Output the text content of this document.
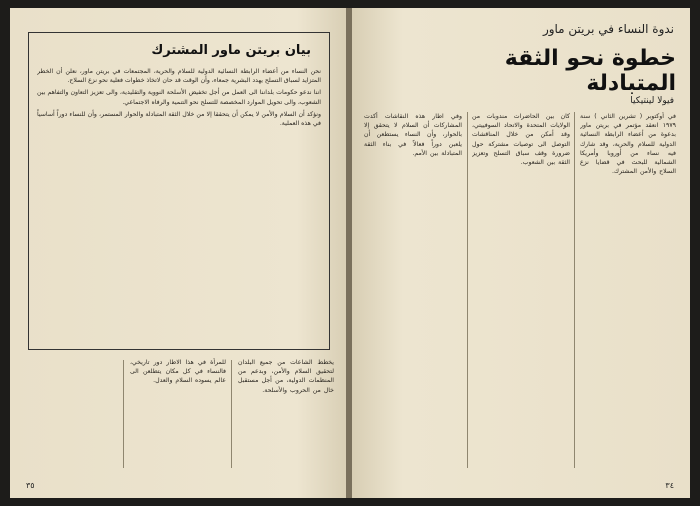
بيان بريتن ماور المشترك

نحن النساء من أعضاء الرابطة النسائية الدولية للسلام والحرية، المجتمعات في بريتن ماور، نعلن أن الخطر المتزايد لسباق التسلح يهدد البشرية جمعاء، وأن الوقت قد حان لاتخاذ خطوات فعلية نحو نزع السلاح.

اننا ندعو حكومات بلداننا الى العمل من أجل تخفيض الأسلحة النووية والتقليدية، والى تعزيز التعاون والتفاهم بين الشعوب، والى تحويل الموارد المخصصة للتسلح نحو التنمية والرفاه الاجتماعي.

ونؤكد أن السلام والأمن لا يمكن أن يتحققا إلا من خلال الثقة المتبادلة والحوار المستمر، وأن للنساء دوراً أساسياً في هذه العملية.

يخطط الشاعات من جميع البلدان لتحقيق السلام والأمن، وبدعم من المنظمات الدولية، من أجل مستقبل خال من الحروب والأسلحة.
للمرأة في هذا الاطار دور تاريخي، فالنساء في كل مكان يتطلعن الى عالم يسوده السلام والعدل.
٣٥
ندوة النساء في بريتن ماور
خطوة نحو الثقة المتبادلة
فيولا لينتيكيا
في أوكتوبر ( تشرين الثاني ) سنة ١٩٧٩ انعقد مؤتمر في بريتن ماور بدعوة من أعضاء الرابطة النسائية الدولية للسلام والحرية، وقد شارك فيه نساء من أوروبا وأمريكا الشمالية للبحث في قضايا نزع السلاح والأمن المشترك.
كان بين الحاضرات مندوبات من الولايات المتحدة والاتحاد السوفييتي، وقد أمكن من خلال المناقشات التوصل الى توصيات مشتركة حول ضرورة وقف سباق التسلح وتعزيز الثقة بين الشعوب.
وفي اطار هذه النقاشات أكدت المشاركات أن السلام لا يتحقق إلا بالحوار، وأن النساء يستطعن أن يلعبن دوراً فعالاً في بناء الثقة المتبادلة بين الأمم.
٣٤
